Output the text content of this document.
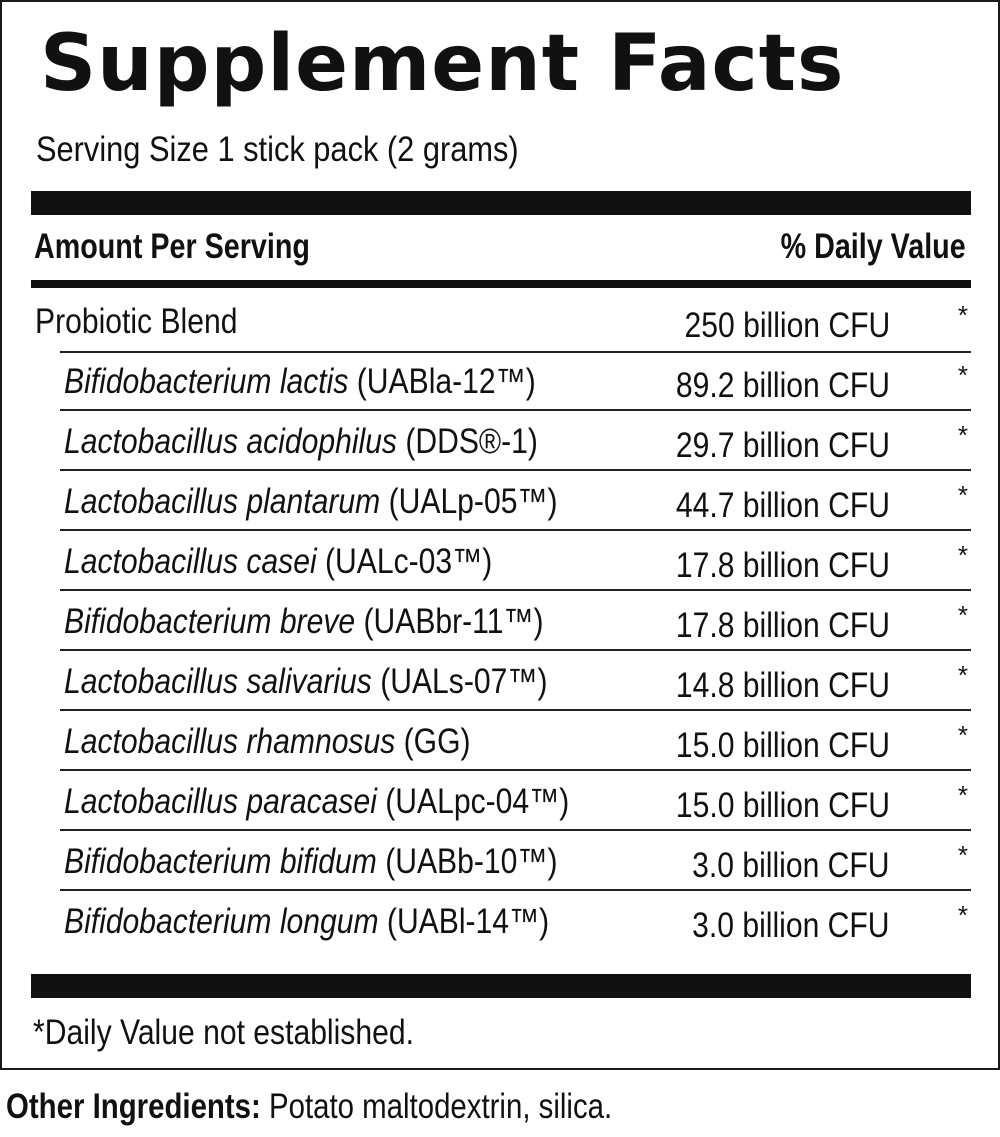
Supplement Facts
Serving Size 1 stick pack (2 grams)
Amount Per Serving	% Daily Value
Probiotic Blend	250 billion CFU	*
Bifidobacterium lactis (UABla-12™)	89.2 billion CFU	*
Lactobacillus acidophilus (DDS®-1)	29.7 billion CFU	*
Lactobacillus plantarum (UALp-05™)	44.7 billion CFU	*
Lactobacillus casei (UALc-03™)	17.8 billion CFU	*
Bifidobacterium breve (UABbr-11™)	17.8 billion CFU	*
Lactobacillus salivarius (UALs-07™)	14.8 billion CFU	*
Lactobacillus rhamnosus (GG)	15.0 billion CFU	*
Lactobacillus paracasei (UALpc-04™)	15.0 billion CFU	*
Bifidobacterium bifidum (UABb-10™)	3.0 billion CFU	*
Bifidobacterium longum (UABl-14™)	3.0 billion CFU	*
*Daily Value not established.
Other Ingredients: Potato maltodextrin, silica.
